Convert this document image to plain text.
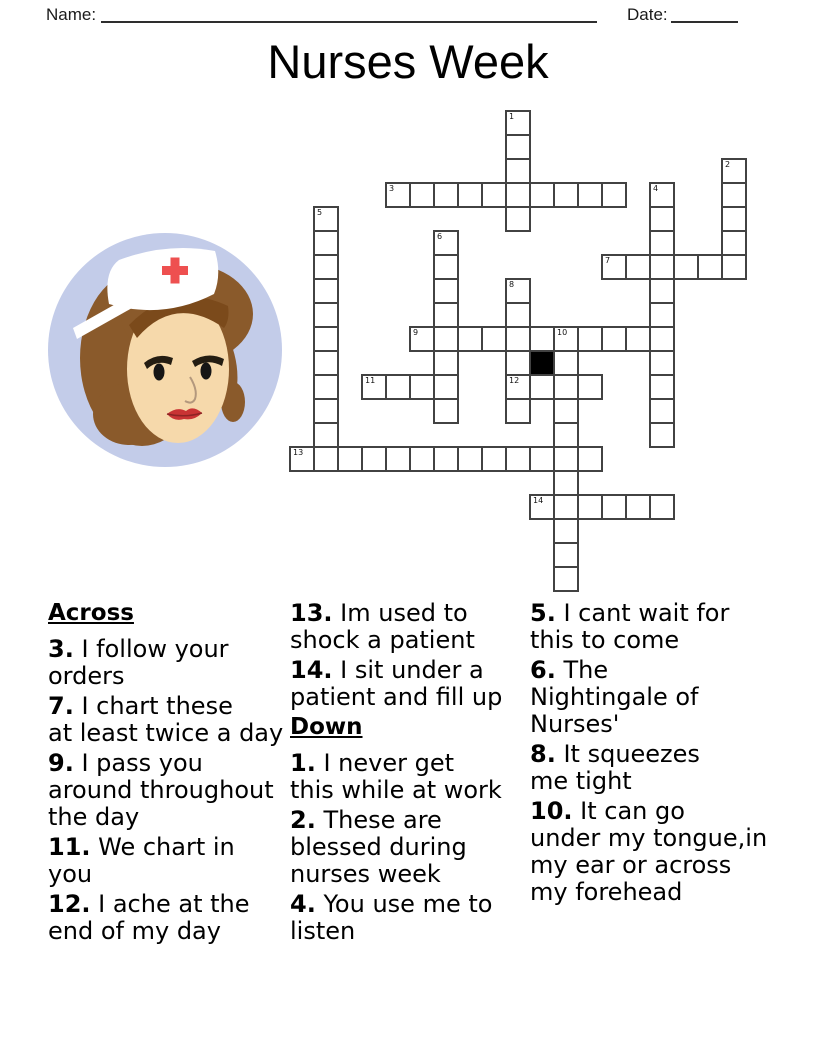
Name:	Date:
Nurses Week
3
7
9	10
11	12
13
14
1
2
4
5
6
8
Across
3. I follow your
orders
7. I chart these
at least twice a day
9. I pass you
around throughout
the day
11. We chart in
you
12. I ache at the
end of my day
13. Im used to
shock a patient
14. I sit under a
patient and fill up
Down
1. I never get
this while at work
2. These are
blessed during
nurses week
4. You use me to
listen
5. I cant wait for
this to come
6. The
Nightingale of
Nurses'
8. It squeezes
me tight
10. It can go
under my tongue,in
my ear or across
my forehead
